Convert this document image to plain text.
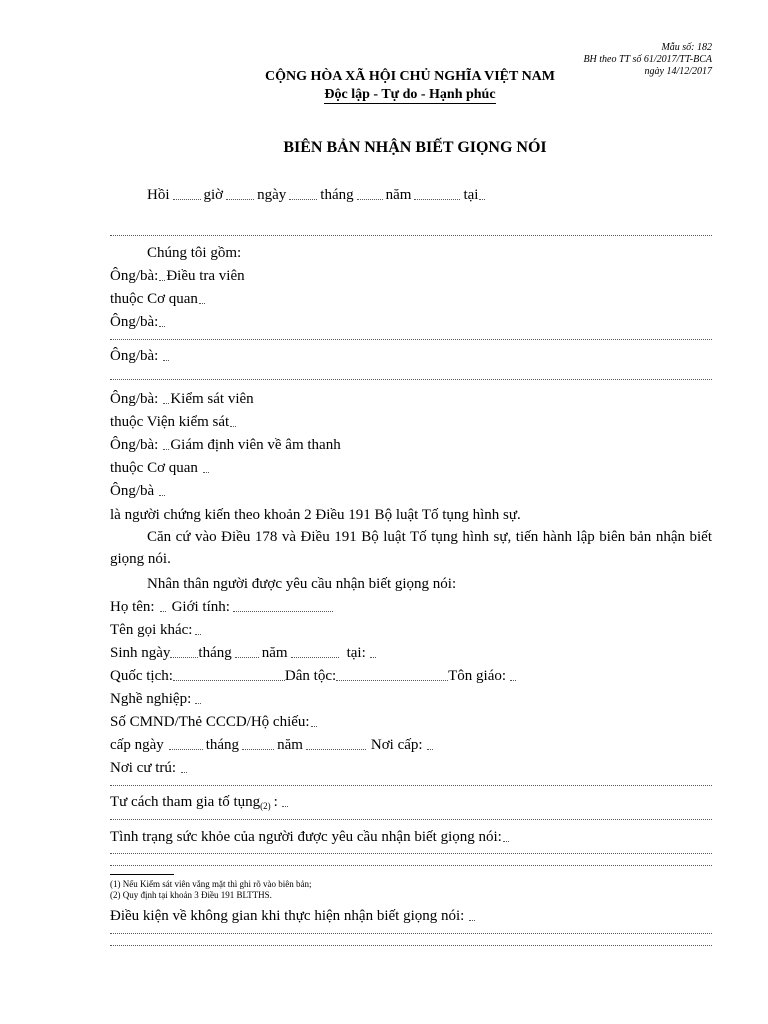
Mẫu số: 182
BH theo TT số 61/2017/TT-BCA
ngày 14/12/2017
CỘNG HÒA XÃ HỘI CHỦ NGHĨA VIỆT NAM
Độc lập - Tự do - Hạnh phúc
BIÊN BẢN NHẬN BIẾT GIỌNG NÓI
Hồi giờ ngày tháng năm	tại
Chúng tôi gồm:
Ông/bà: Điều tra viên
thuộc Cơ quan
Ông/bà:
Ông/bà:
Ông/bà: Kiểm sát viên
thuộc Viện kiểm sát
Ông/bà: Giám định viên về âm thanh
thuộc Cơ quan
Ông/bà
là người chứng kiến theo khoản 2 Điều 191 Bộ luật Tố tụng hình sự.
Căn cứ vào Điều 178 và Điều 191 Bộ luật Tố tụng hình sự, tiến hành lập biên bản nhận biết giọng nói.
Nhân thân người được yêu cầu nhận biết giọng nói:
Họ tên: Giới tính:
Tên gọi khác:
Sinh ngày tháng năm	tại:
Quốc tịch:	Dân tộc:	Tôn giáo:
Nghề nghiệp:
Số CMND/Thẻ CCCD/Hộ chiếu:
cấp ngày	tháng	năm	Nơi cấp:
Nơi cư trú:
Tư cách tham gia tố tụng$_{(2)}$ :
Tình trạng sức khỏe của người được yêu cầu nhận biết giọng nói:
(1) Nếu Kiểm sát viên vắng mặt thì ghi rõ vào biên bản;
(2) Quy định tại khoản 3 Điều 191 BLTTHS.
Điều kiện về không gian khi thực hiện nhận biết giọng nói:
